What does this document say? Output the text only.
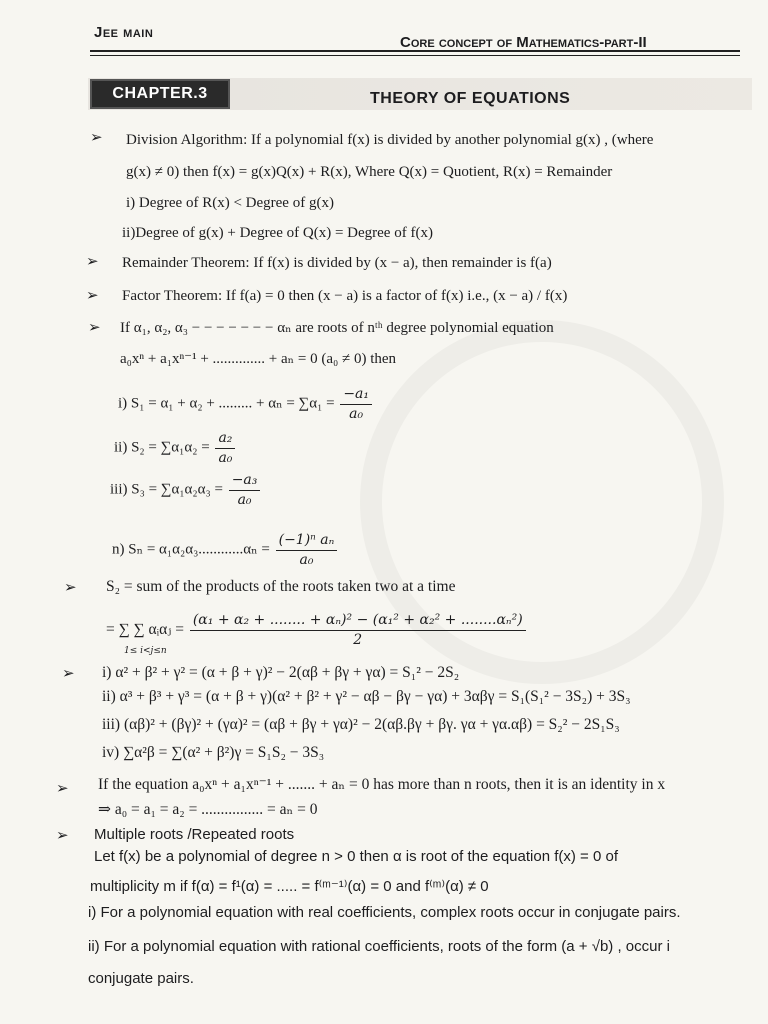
Jee main
Core concept of Mathematics-part-II
CHAPTER.3	THEORY OF EQUATIONS
➢
➢
➢
➢
➢
➢
➢
➢
Division Algorithm: If a polynomial f(x) is divided by another polynomial g(x) , (where
g(x) ≠ 0) then f(x) = g(x)Q(x) + R(x), Where Q(x) = Quotient, R(x) = Remainder
i) Degree of R(x) < Degree of g(x)
ii)Degree of g(x) + Degree of Q(x) = Degree of f(x)
Remainder Theorem: If f(x) is divided by (x − a), then remainder is f(a)
Factor Theorem: If f(a) = 0 then (x − a) is a factor of f(x) i.e., (x − a) / f(x)
If α₁, α₂, α₃ − − − − − − − αₙ are roots of nᵗʰ degree polynomial equation
a₀xⁿ + a₁xⁿ⁻¹ + .............. + aₙ = 0 (a₀ ≠ 0) then
i) S₁ = α₁ + α₂ + ......... + $\alpha_n = \sum\alpha_1 = \frac{\text{−a₁}}{\text{a₀}}$
ii) $S_2 = \sum\alpha_1\alpha_2 = \frac{\text{a₂}}{\text{a₀}}$
iii) $S_3 = \sum\alpha_1\alpha_2\alpha_3 = \frac{\text{−a₃}}{\text{a₀}}$
n) $S_n = \alpha_1\alpha_2\alpha_3............\alpha_n = \frac{\text{(−1)ⁿ aₙ}}{\text{a₀}}$
S₂ = sum of the products of the roots taken two at a time
= ∑ ∑ αᵢαⱼ = $\frac{\text{(α₁ + α₂ + ........ + αₙ)² − (α₁² + α₂² + ........αₙ²)}}{2}$
1≤ i<j≤n
i) α² + β² + γ² = (α + β + γ)² − 2(αβ + βγ + γα) = S₁² − 2S₂
ii) α³ + β³ + γ³ = (α + β + γ)(α² + β² + γ² − αβ − βγ − γα) + 3αβγ = S₁(S₁² − 3S₂) + 3S₃
iii) (αβ)² + (βγ)² + (γα)² = (αβ + βγ + γα)² − 2(αβ.βγ + βγ. γα + γα.αβ) = S₂² − 2S₁S₃
iv) ∑α²β = ∑(α² + β²)γ = S₁S₂ − 3S₃
If the equation a₀xⁿ + a₁xⁿ⁻¹ + ....... + aₙ = 0 has more than n roots, then it is an identity in x
⇒ a₀ = a₁ = a₂ = ................ = aₙ = 0
Multiple roots /Repeated roots
Let f(x) be a polynomial of degree n > 0 then α is root of the equation f(x) = 0 of
multiplicity m if f(α) = f¹(α) = ..... = f⁽ᵐ⁻¹⁾(α) = 0 and f⁽ᵐ⁾(α) ≠ 0
i) For a polynomial equation with real coefficients, complex roots occur in conjugate pairs.
ii) For a polynomial equation with rational coefficients, roots of the form (a + √b) , occur i
conjugate pairs.
